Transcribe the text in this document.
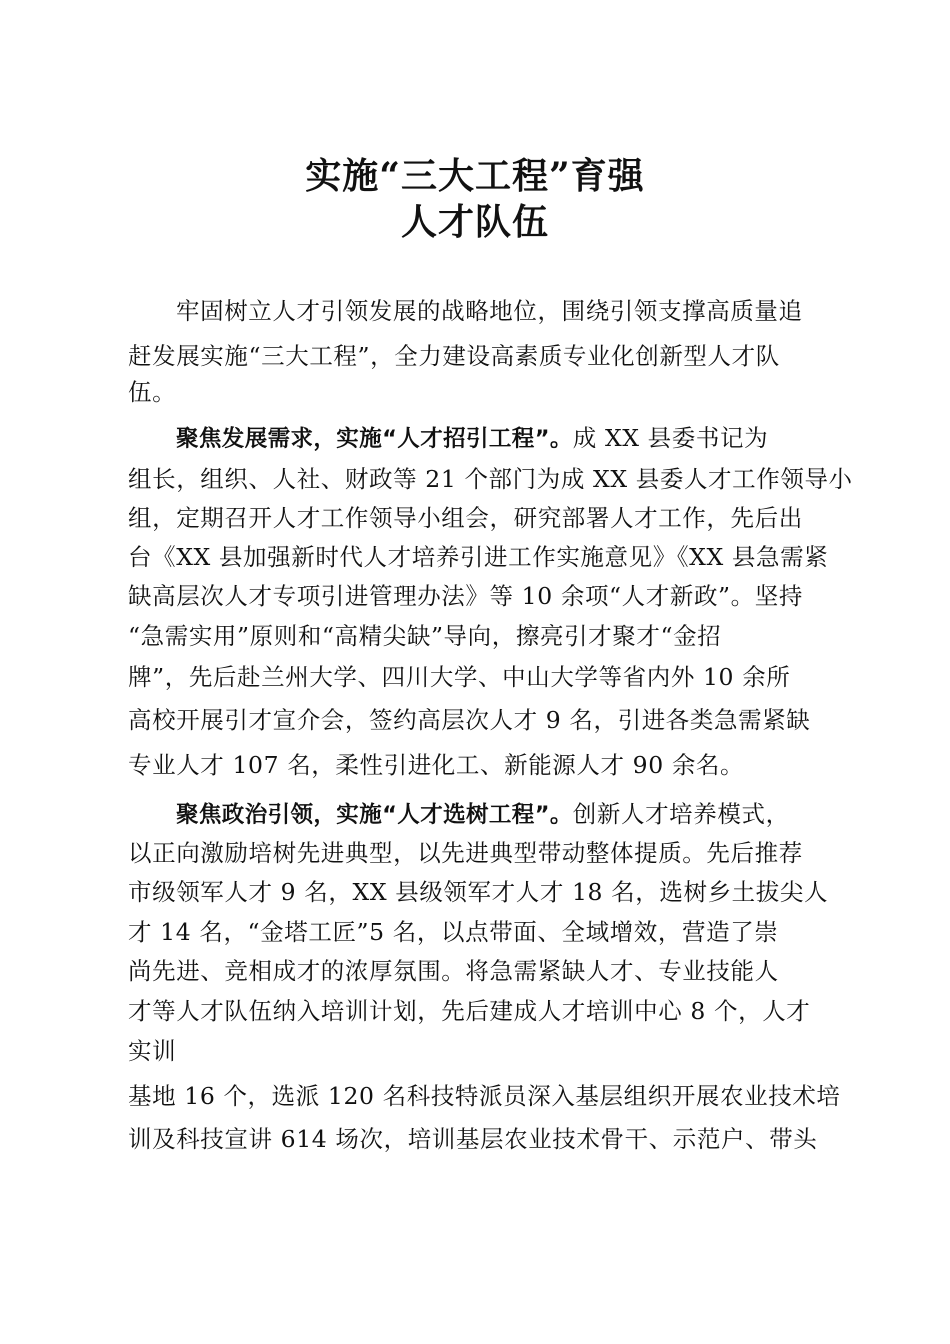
实施“三大工程”育强
人才队伍
牢固树立人才引领发展的战略地位，围绕引领支撑高质量追
赶发展实施“三大工程”，全力建设高素质专业化创新型人才队
伍。
聚焦发展需求，实施“人才招引工程”。成 XX 县委书记为
组长，组织、人社、财政等 21 个部门为成 XX 县委人才工作领导小
组，定期召开人才工作领导小组会，研究部署人才工作，先后出
台《XX 县加强新时代人才培养引进工作实施意见》《XX 县急需紧
缺高层次人才专项引进管理办法》等 10 余项“人才新政”。坚持
“急需实用”原则和“高精尖缺”导向，擦亮引才聚才“金招
牌”，先后赴兰州大学、四川大学、中山大学等省内外 10 余所
高校开展引才宣介会，签约高层次人才 9 名，引进各类急需紧缺
专业人才 107 名，柔性引进化工、新能源人才 90 余名。
聚焦政治引领，实施“人才选树工程”。创新人才培养模式，
以正向激励培树先进典型，以先进典型带动整体提质。先后推荐
市级领军人才 9 名，XX 县级领军才人才 18 名，选树乡土拔尖人
才 14 名，“金塔工匠”5 名，以点带面、全域增效，营造了崇
尚先进、竞相成才的浓厚氛围。将急需紧缺人才、专业技能人
才等人才队伍纳入培训计划，先后建成人才培训中心 8 个，人才
实训
基地 16 个，选派 120 名科技特派员深入基层组织开展农业技术培
训及科技宣讲 614 场次，培训基层农业技术骨干、示范户、带头
